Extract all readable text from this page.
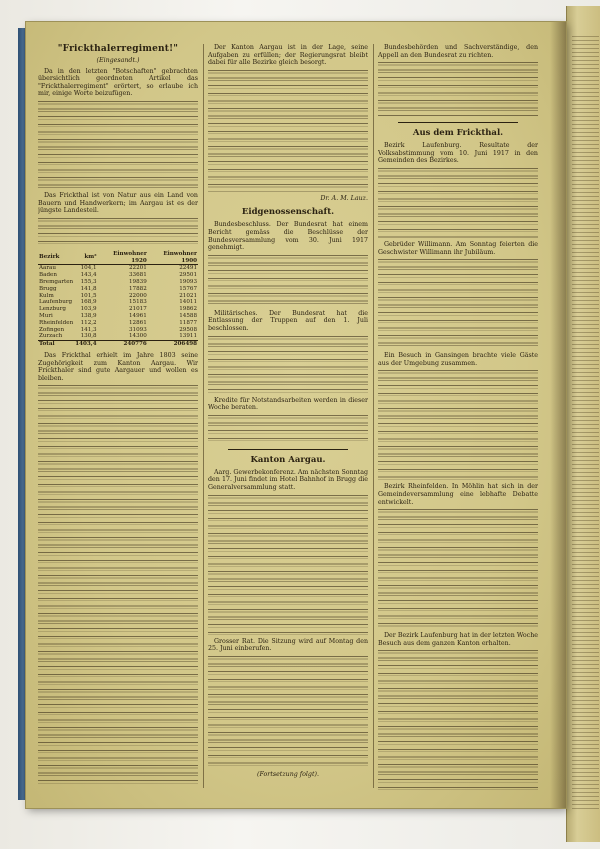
"Frickthalerregiment!"
(Eingesandt.)
Da in den letzten "Botschaften" gebrachten übersichtlich geordneten Artikel das "Frickthalerregiment" erörtert, so erlaube ich mir, einige Worte beizufügen.
Das Frickthal ist von Natur aus ein Land von Bauern und Handwerkern; im Aargau ist es der jüngste Landesteil.
Bezirk	km²	Einwohner 1920	Einwohner 1900
Aarau	104,1	22201	22491
Baden	143,4	33681	29501
Bremgarten	155,3	19839	19093
Brugg	141,8	17882	15767
Kulm	101,5	22000	21021
Laufenburg	168,9	15183	14011
Lenzburg	103,9	21017	19862
Muri	138,9	14961	14588
Rheinfelden	112,2	12861	11877
Zofingen	141,3	31093	29508
Zurzach	130,8	14300	13911
Total	1403,4	240776	206498
Das Frickthal erhielt im Jahre 1803 seine Zugehörigkeit zum Kanton Aargau. Wir Frickthaler sind gute Aargauer und wollen es bleiben.
Der Kanton Aargau ist in der Lage, seine Aufgaben zu erfüllen; der Regierungsrat bleibt dabei für alle Bezirke gleich besorgt.
Dr. A. M. Lauz.
Eidgenossenschaft.
Bundesbeschluss. Der Bundesrat hat einem Bericht gemäss die Beschlüsse der Bundesversammlung vom 30. Juni 1917 genehmigt.
Militärisches. Der Bundesrat hat die Entlassung der Truppen auf den 1. Juli beschlossen.
Kredite für Notstandsarbeiten werden in dieser Woche beraten.
Kanton Aargau.
Aarg. Gewerbekonferenz. Am nächsten Sonntag den 17. Juni findet im Hotel Bahnhof in Brugg die Generalversammlung statt.
Grosser Rat. Die Sitzung wird auf Montag den 25. Juni einberufen.
(Fortsetzung folgt).
Bundesbehörden und Sachverständige, den Appell an den Bundesrat zu richten.
Aus dem Frickthal.
Bezirk Laufenburg. Resultate der Volksabstimmung vom 10. Juni 1917 in den Gemeinden des Bezirkes.
Gebrüder Willimann. Am Sonntag feierten die Geschwister Willimann ihr Jubiläum.
Ein Besuch in Gansingen brachte viele Gäste aus der Umgebung zusammen.
Bezirk Rheinfelden. In Möhlin hat sich in der Gemeindeversammlung eine lebhafte Debatte entwickelt.
Der Bezirk Laufenburg hat in der letzten Woche Besuch aus dem ganzen Kanton erhalten.
